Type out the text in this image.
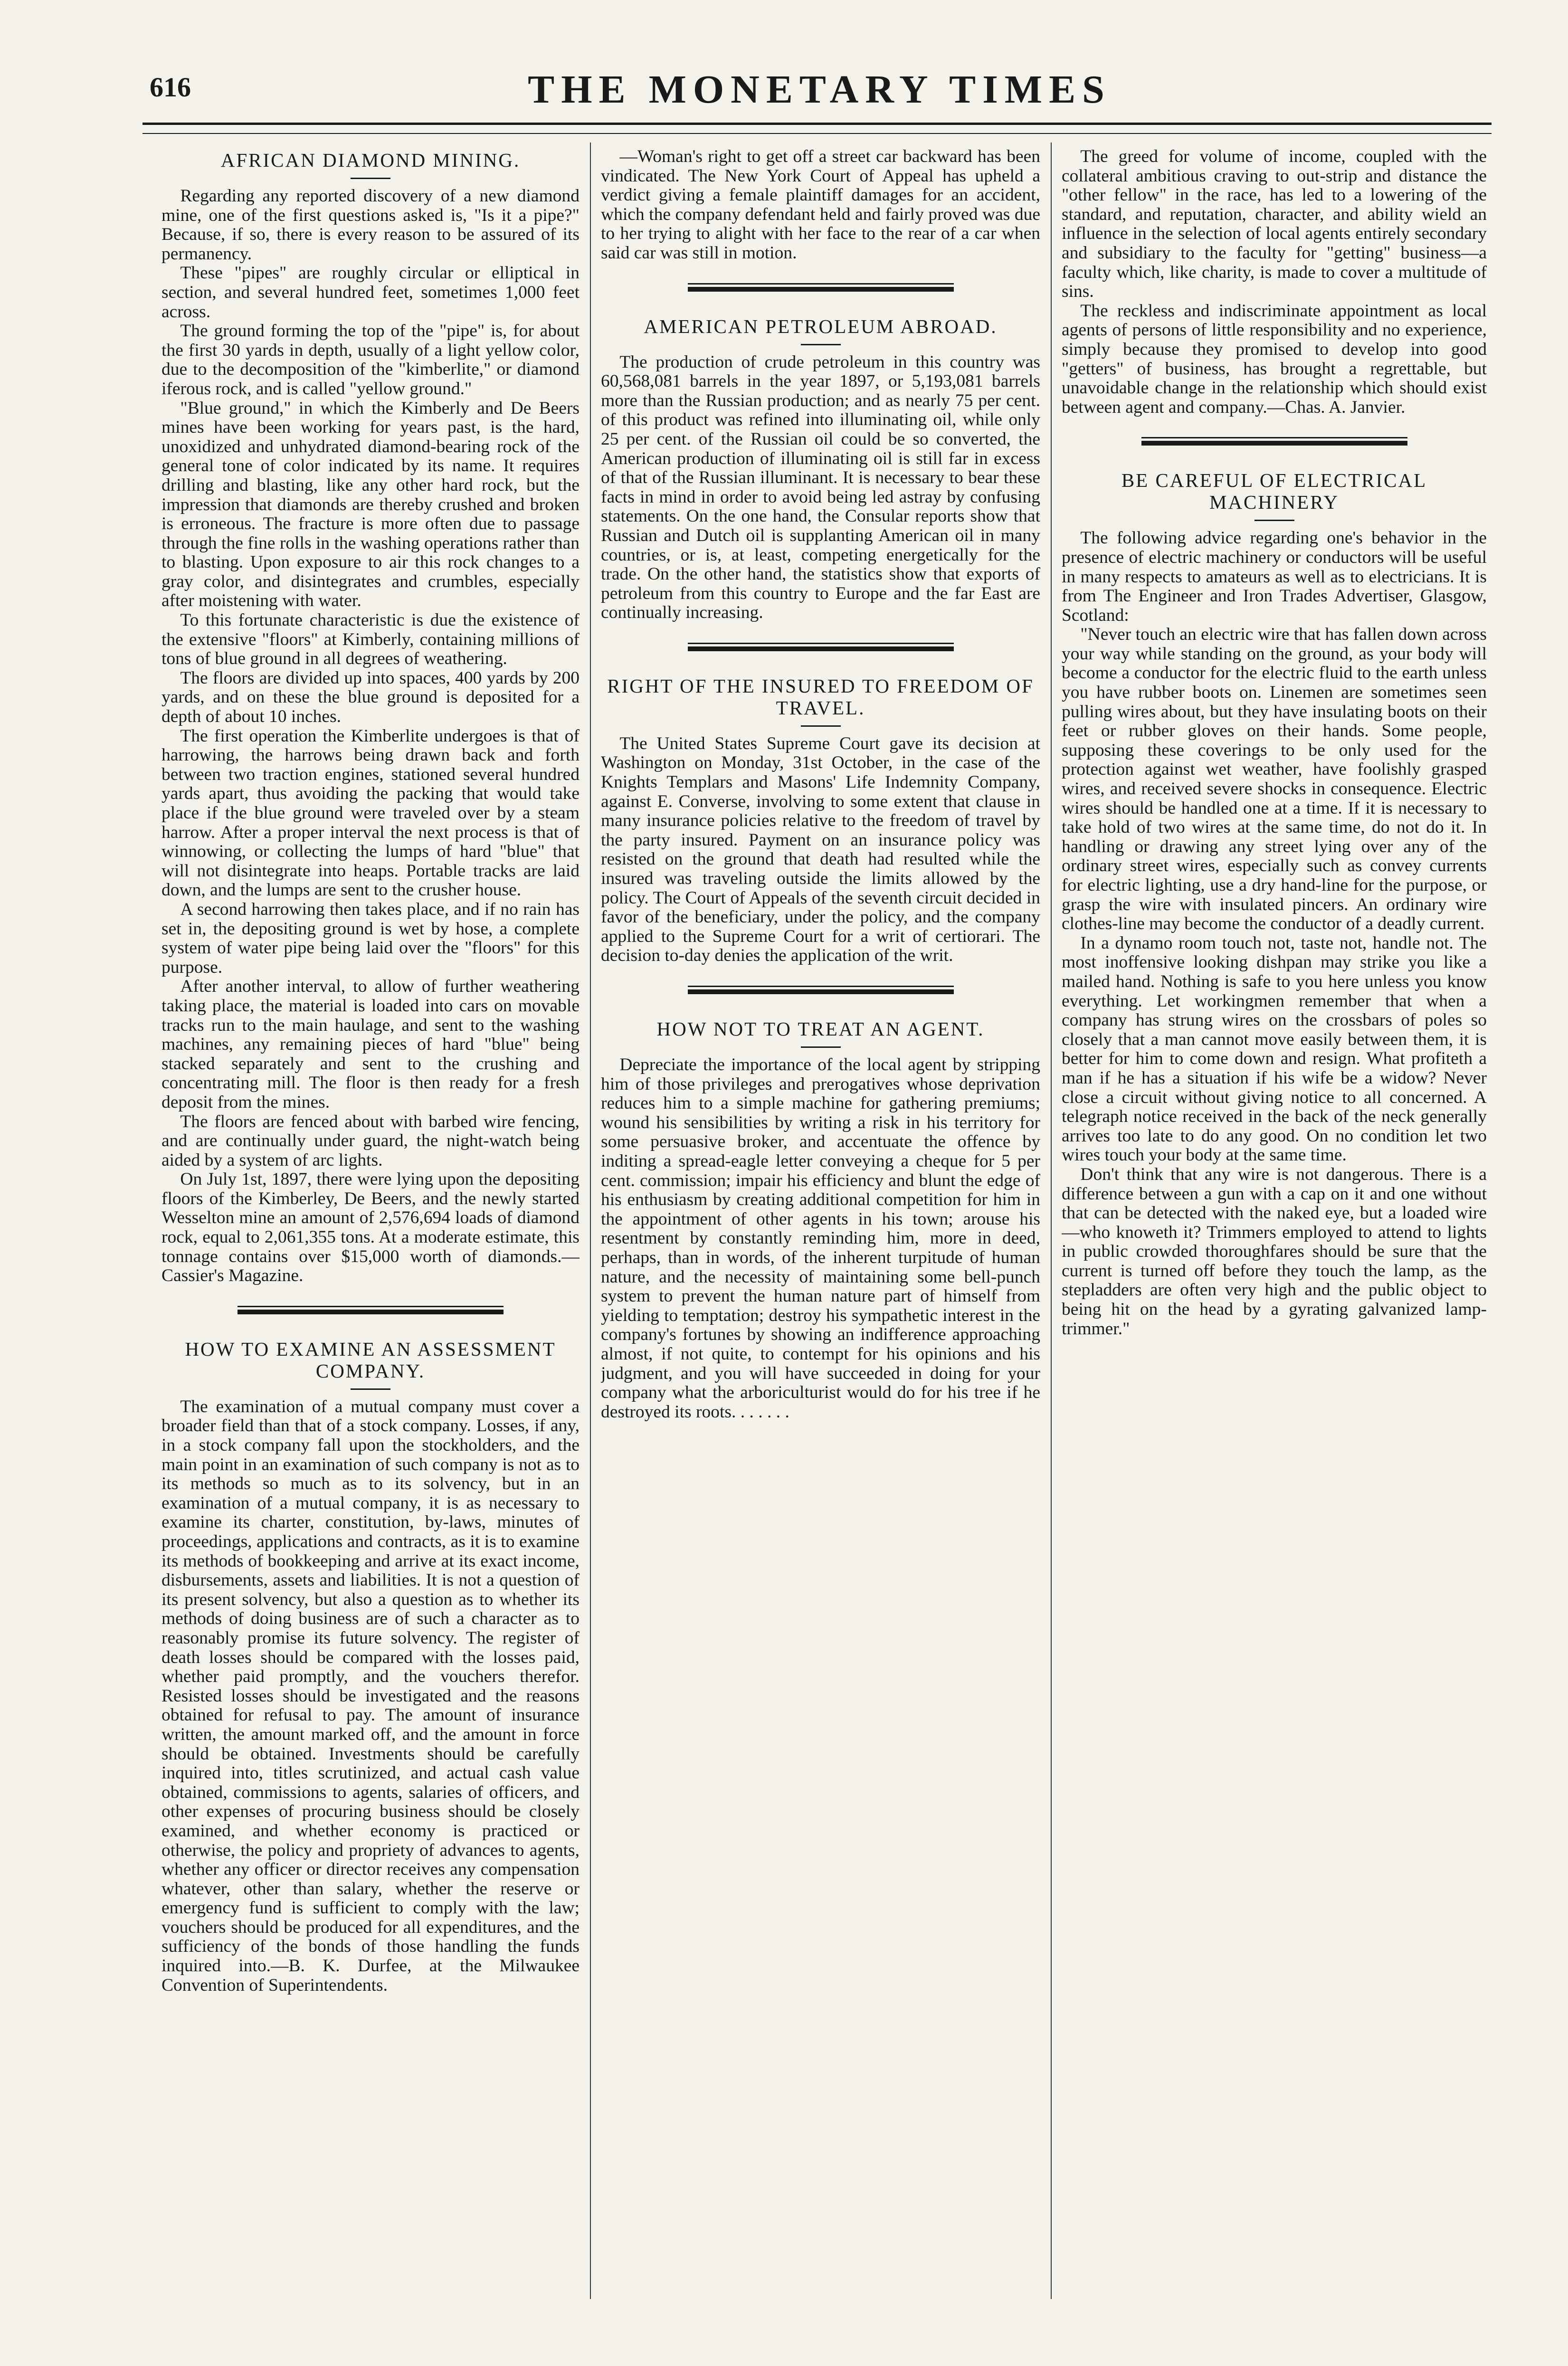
616	THE MONETARY TIMES
AFRICAN DIAMOND MINING.

Regarding any reported discovery of a new diamond mine, one of the first questions asked is, "Is it a pipe?" Because, if so, there is every reason to be assured of its permanency.

These "pipes" are roughly circular or elliptical in section, and several hundred feet, sometimes 1,000 feet across.

The ground forming the top of the "pipe" is, for about the first 30 yards in depth, usually of a light yellow color, due to the decomposition of the "kimberlite," or diamond iferous rock, and is called "yellow ground."

"Blue ground," in which the Kimberly and De Beers mines have been working for years past, is the hard, unoxidized and unhydrated diamond-bearing rock of the general tone of color indicated by its name. It requires drilling and blasting, like any other hard rock, but the impression that diamonds are thereby crushed and broken is erroneous. The fracture is more often due to passage through the fine rolls in the washing operations rather than to blasting. Upon exposure to air this rock changes to a gray color, and disintegrates and crumbles, especially after moistening with water.

To this fortunate characteristic is due the existence of the extensive "floors" at Kimberly, containing millions of tons of blue ground in all degrees of weathering.

The floors are divided up into spaces, 400 yards by 200 yards, and on these the blue ground is deposited for a depth of about 10 inches.

The first operation the Kimberlite undergoes is that of harrowing, the harrows being drawn back and forth between two traction engines, stationed several hundred yards apart, thus avoiding the packing that would take place if the blue ground were traveled over by a steam harrow. After a proper interval the next process is that of winnowing, or collecting the lumps of hard "blue" that will not disintegrate into heaps. Portable tracks are laid down, and the lumps are sent to the crusher house.

A second harrowing then takes place, and if no rain has set in, the depositing ground is wet by hose, a complete system of water pipe being laid over the "floors" for this purpose.

After another interval, to allow of further weathering taking place, the material is loaded into cars on movable tracks run to the main haulage, and sent to the washing machines, any remaining pieces of hard "blue" being stacked separately and sent to the crushing and concentrating mill. The floor is then ready for a fresh deposit from the mines.

The floors are fenced about with barbed wire fencing, and are continually under guard, the night-watch being aided by a system of arc lights.

On July 1st, 1897, there were lying upon the depositing floors of the Kimberley, De Beers, and the newly started Wesselton mine an amount of 2,576,694 loads of diamond rock, equal to 2,061,355 tons. At a moderate estimate, this tonnage contains over $15,000 worth of diamonds.—Cassier's Magazine.

HOW TO EXAMINE AN ASSESSMENT COMPANY.

The examination of a mutual company must cover a broader field than that of a stock company. Losses, if any, in a stock company fall upon the stockholders, and the main point in an examination of such company is not as to its methods so much as to its solvency, but in an examination of a mutual company, it is as necessary to examine its charter, constitution, by-laws, minutes of proceedings, applications and contracts, as it is to examine its methods of bookkeeping and arrive at its exact income, disbursements, assets and liabilities. It is not a question of its present solvency, but also a question as to whether its methods of doing business are of such a character as to reasonably promise its future solvency. The register of death losses should be compared with the losses paid, whether paid promptly, and the vouchers therefor. Resisted losses should be investigated and the reasons obtained for refusal to pay. The amount of insurance written, the amount marked off, and the amount in force should be obtained. Investments should be carefully inquired into, titles scrutinized, and actual cash value obtained, commissions to agents, salaries of officers, and other expenses of procuring business should be closely examined, and whether economy is practiced or otherwise, the policy and propriety of advances to agents, whether any officer or director receives any compensation whatever, other than salary, whether the reserve or emergency fund is sufficient to comply with the law; vouchers should be produced for all expenditures, and the sufficiency of the bonds of those handling the funds inquired into.—B. K. Durfee, at the Milwaukee Convention of Superintendents.

—Woman's right to get off a street car backward has been vindicated. The New York Court of Appeal has upheld a verdict giving a female plaintiff damages for an accident, which the company defendant held and fairly proved was due to her trying to alight with her face to the rear of a car when said car was still in motion.

AMERICAN PETROLEUM ABROAD.

The production of crude petroleum in this country was 60,568,081 barrels in the year 1897, or 5,193,081 barrels more than the Russian production; and as nearly 75 per cent. of this product was refined into illuminating oil, while only 25 per cent. of the Russian oil could be so converted, the American production of illuminating oil is still far in excess of that of the Russian illuminant. It is necessary to bear these facts in mind in order to avoid being led astray by confusing statements. On the one hand, the Consular reports show that Russian and Dutch oil is supplanting American oil in many countries, or is, at least, competing energetically for the trade. On the other hand, the statistics show that exports of petroleum from this country to Europe and the far East are continually increasing.

RIGHT OF THE INSURED TO FREEDOM OF TRAVEL.

The United States Supreme Court gave its decision at Washington on Monday, 31st October, in the case of the Knights Templars and Masons' Life Indemnity Company, against E. Converse, involving to some extent that clause in many insurance policies relative to the freedom of travel by the party insured. Payment on an insurance policy was resisted on the ground that death had resulted while the insured was traveling outside the limits allowed by the policy. The Court of Appeals of the seventh circuit decided in favor of the beneficiary, under the policy, and the company applied to the Supreme Court for a writ of certiorari. The decision to-day denies the application of the writ.

HOW NOT TO TREAT AN AGENT.

Depreciate the importance of the local agent by stripping him of those privileges and prerogatives whose deprivation reduces him to a simple machine for gathering premiums; wound his sensibilities by writing a risk in his territory for some persuasive broker, and accentuate the offence by inditing a spread-eagle letter conveying a cheque for 5 per cent. commission; impair his efficiency and blunt the edge of his enthusiasm by creating additional competition for him in the appointment of other agents in his town; arouse his resentment by constantly reminding him, more in deed, perhaps, than in words, of the inherent turpitude of human nature, and the necessity of maintaining some bell-punch system to prevent the human nature part of himself from yielding to temptation; destroy his sympathetic interest in the company's fortunes by showing an indifference approaching almost, if not quite, to contempt for his opinions and his judgment, and you will have succeeded in doing for your company what the arboriculturist would do for his tree if he destroyed its roots. . . . . . .

The greed for volume of income, coupled with the collateral ambitious craving to out-strip and distance the "other fellow" in the race, has led to a lowering of the standard, and reputation, character, and ability wield an influence in the selection of local agents entirely secondary and subsidiary to the faculty for "getting" business—a faculty which, like charity, is made to cover a multitude of sins.

The reckless and indiscriminate appointment as local agents of persons of little responsibility and no experience, simply because they promised to develop into good "getters" of business, has brought a regrettable, but unavoidable change in the relationship which should exist between agent and company.—Chas. A. Janvier.

BE CAREFUL OF ELECTRICAL MACHINERY

The following advice regarding one's behavior in the presence of electric machinery or conductors will be useful in many respects to amateurs as well as to electricians. It is from The Engineer and Iron Trades Advertiser, Glasgow, Scotland:

"Never touch an electric wire that has fallen down across your way while standing on the ground, as your body will become a conductor for the electric fluid to the earth unless you have rubber boots on. Linemen are sometimes seen pulling wires about, but they have insulating boots on their feet or rubber gloves on their hands. Some people, supposing these coverings to be only used for the protection against wet weather, have foolishly grasped wires, and received severe shocks in consequence. Electric wires should be handled one at a time. If it is necessary to take hold of two wires at the same time, do not do it. In handling or drawing any street lying over any of the ordinary street wires, especially such as convey currents for electric lighting, use a dry hand-line for the purpose, or grasp the wire with insulated pincers. An ordinary wire clothes-line may become the conductor of a deadly current.

In a dynamo room touch not, taste not, handle not. The most inoffensive looking dishpan may strike you like a mailed hand. Nothing is safe to you here unless you know everything. Let workingmen remember that when a company has strung wires on the crossbars of poles so closely that a man cannot move easily between them, it is better for him to come down and resign. What profiteth a man if he has a situation if his wife be a widow? Never close a circuit without giving notice to all concerned. A telegraph notice received in the back of the neck generally arrives too late to do any good. On no condition let two wires touch your body at the same time.

Don't think that any wire is not dangerous. There is a difference between a gun with a cap on it and one without that can be detected with the naked eye, but a loaded wire—who knoweth it? Trimmers employed to attend to lights in public crowded thoroughfares should be sure that the current is turned off before they touch the lamp, as the stepladders are often very high and the public object to being hit on the head by a gyrating galvanized lamp-trimmer."
